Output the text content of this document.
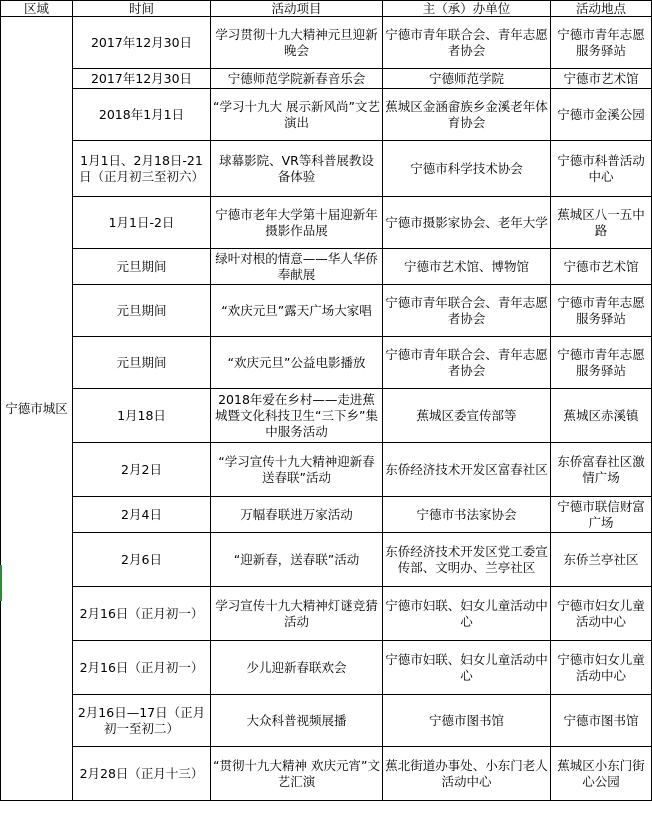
区域	时间	活动项目	主（承）办单位	活动地点
宁德市城区	2017年12月30日	学习贯彻十九大精神元旦迎新晚会	宁德市青年联合会、青年志愿者协会	宁德市青年志愿服务驿站
	2017年12月30日	宁德师范学院新春音乐会	宁德师范学院	宁德市艺术馆
	2018年1月1日	“学习十九大 展示新风尚”文艺演出	蕉城区金涵畲族乡金溪老年体育协会	宁德市金溪公园
	1月1日、2月18日-21日（正月初三至初六）	球幕影院、VR等科普展教设备体验	宁德市科学技术协会	宁德市科普活动中心
	1月1日-2日	宁德市老年大学第十届迎新年摄影作品展	宁德市摄影家协会、老年大学	蕉城区八一五中路
	元旦期间	绿叶对根的情意——华人华侨奉献展	宁德市艺术馆、博物馆	宁德市艺术馆
	元旦期间	“欢庆元旦”露天广场大家唱	宁德市青年联合会、青年志愿者协会	宁德市青年志愿服务驿站
	元旦期间	“欢庆元旦”公益电影播放	宁德市青年联合会、青年志愿者协会	宁德市青年志愿服务驿站
	1月18日	2018年爱在乡村——走进蕉城暨文化科技卫生“三下乡”集中服务活动	蕉城区委宣传部等	蕉城区赤溪镇
	2月2日	“学习宣传十九大精神迎新春 送春联”活动	东侨经济技术开发区富春社区	东侨富春社区激情广场
	2月4日	万幅春联进万家活动	宁德市书法家协会	宁德市联信财富广场
	2月6日	“迎新春，送春联”活动	东侨经济技术开发区党工委宣传部、文明办、兰亭社区	东侨兰亭社区
	2月16日（正月初一）	学习宣传十九大精神灯谜竞猜活动	宁德市妇联、妇女儿童活动中心	宁德市妇女儿童活动中心
	2月16日（正月初一）	少儿迎新春联欢会	宁德市妇联、妇女儿童活动中心	宁德市妇女儿童活动中心
	2月16日—17日（正月初一至初二）	大众科普视频展播	宁德市图书馆	宁德市图书馆
	2月28日（正月十三）	“贯彻十九大精神 欢庆元宵”文艺汇演	蕉北街道办事处、小东门老人活动中心	蕉城区小东门街心公园
